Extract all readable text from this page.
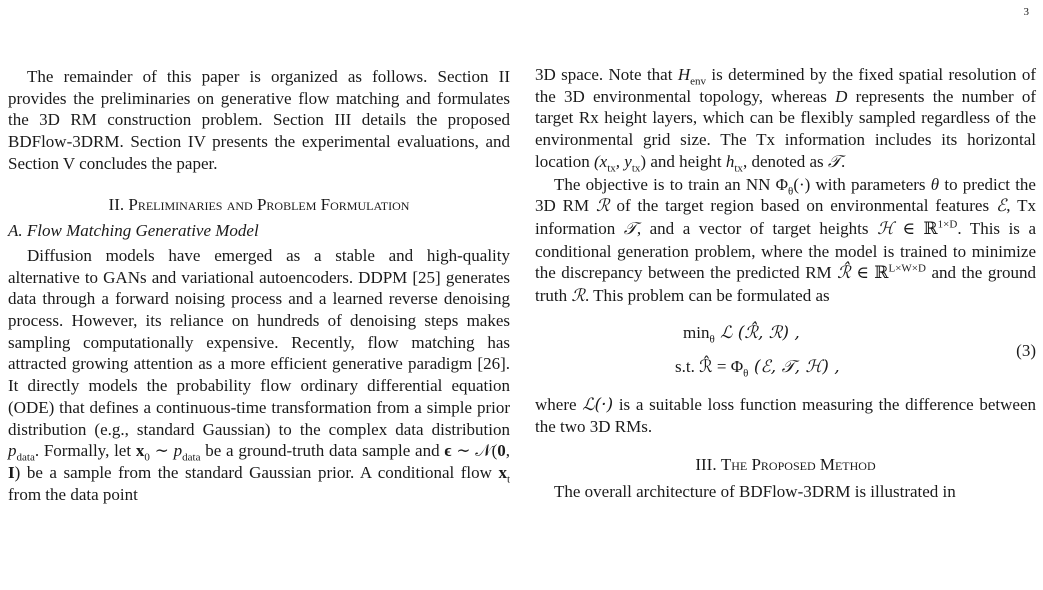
3

The remainder of this paper is organized as follows. Section II provides the preliminaries on generative flow matching and formulates the 3D RM construction problem. Section III details the proposed BDFlow-3DRM. Section IV presents the experimental evaluations, and Section V concludes the paper.

II. Preliminaries and Problem Formulation
A. Flow Matching Generative Model

Diffusion models have emerged as a stable and high-quality alternative to GANs and variational autoencoders. DDPM [25] generates data through a forward noising process and a learned reverse denoising process. However, its reliance on hundreds of denoising steps makes sampling computationally expensive. Recently, flow matching has attracted growing attention as a more efficient generative paradigm [26]. It directly models the probability flow ordinary differential equation (ODE) that defines a continuous-time transformation from a simple prior distribution (e.g., standard Gaussian) to the complex data distribution $p_{data}$. Formally, let $x_0$ ∼ $p_{data}$ be a ground-truth data sample and ϵ ∼ 𝒩(0, I) be a sample from the standard Gaussian prior. A conditional flow $x_t$ from the data point

3D space. Note that $H_{env}$ is determined by the fixed spatial resolution of the 3D environmental topology, whereas D represents the number of target Rx height layers, which can be flexibly sampled regardless of the environmental grid size. The Tx information includes its horizontal location ($x_{tx}$, $y_{tx}$) and height $h_{tx}$, denoted as 𝒯.

The objective is to train an NN $\Phi_\theta(\cdot)$ with parameters θ to predict the 3D RM ℛ of the target region based on environmental features ℰ, Tx information 𝒯, and a vector of target heights ℋ ∈ ℝ$^{1\times D}$. This is a conditional generation problem, where the model is trained to minimize the discrepancy between the predicted RM ℛ̂ ∈ ℝ$^{L\times W\times D}$ and the ground truth ℛ. This problem can be formulated as

$\min_\theta$ ℒ (ℛ̂, ℛ) ,
s.t. ℛ̂ = $\Phi_\theta$ (ℰ, 𝒯, ℋ) ,
(3)

where ℒ(·) is a suitable loss function measuring the difference between the two 3D RMs.

III. The Proposed Method

The overall architecture of BDFlow-3DRM is illustrated in
